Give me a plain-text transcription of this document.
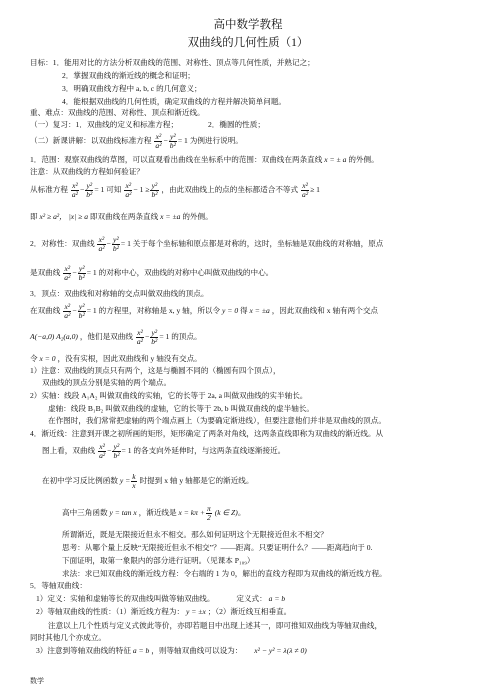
高中数学教程
双曲线的几何性质（1）
目标：1．能用对比的方法分析双曲线的范围、对称性、顶点等几何性质，并熟记之；
2．掌握双曲线的渐近线的概念和证明；
3．明确双曲线方程中 a, b, c 的几何意义；
4．能根据双曲线的几何性质，确定双曲线的方程并解决简单问题。
重、难点：双曲线的范围、对称性、顶点和渐近线。
（一）复习：1．双曲线的定义和标准方程；	2．椭圆的性质；
（二）新课讲解：以双曲线标准方程 $\frac{\text{x²}}{\text{a²}} - \frac{\text{y²}}{\text{b²}} = 1$ 为例进行说明。
1．范围：观察双曲线的草图，可以直观看出曲线在坐标系中的范围：双曲线在两条直线 x = ± a 的外侧。
注意：从双曲线的方程如何验证？
从标准方程 $\frac{\text{x²}}{\text{a²}} - \frac{\text{y²}}{\text{b²}} = 1$ 可知 $\frac{\text{x²}}{\text{a²}} - 1 \ge \frac{\text{y²}}{\text{b²}}$ ，由此双曲线上的点的坐标都适合不等式 $\frac{\text{x²}}{\text{a²}} \ge 1$
即 x² ≥ a²， |x| ≥ a 即双曲线在两条直线 x = ±a 的外侧。
2．对称性：双曲线 $\frac{\text{x²}}{\text{a²}} - \frac{\text{y²}}{\text{b²}} = 1$ 关于每个坐标轴和原点都是对称的，这时，坐标轴是双曲线的对称轴，原点
是双曲线 $\frac{\text{x²}}{\text{a²}} - \frac{\text{y²}}{\text{b²}} = 1$ 的对称中心，双曲线的对称中心叫做双曲线的中心。
3．顶点：双曲线和对称轴的交点叫做双曲线的顶点。
在双曲线 $\frac{\text{x²}}{\text{a²}} - \frac{\text{y²}}{\text{b²}} = 1$ 的方程里，对称轴是 x, y 轴，所以令 y = 0 得 x = ±a ，因此双曲线和 x 轴有两个交点
A(−a,0) A₂(a,0) ，他们是双曲线 $\frac{\text{x²}}{\text{a²}} - \frac{\text{y²}}{\text{b²}} = 1$ 的顶点。
令 x = 0 ，没有实根，因此双曲线和 y 轴没有交点。
1）注意：双曲线的顶点只有两个，这是与椭圆不同的（椭圆有四个顶点），
双曲线的顶点分别是实轴的两个端点。
2）实轴：线段 A₁A₂ 叫做双曲线的实轴，它的长等于 2a, a 叫做双曲线的实半轴长。
虚轴：线段 B₁B₂ 叫做双曲线的虚轴，它的长等于 2b, b 叫做双曲线的虚半轴长。
在作图时，我们常常把虚轴的两个端点画上（为要确定渐进线），但要注意他们并非是双曲线的顶点。
4．渐近线：注意到开课之初所画的矩形，矩形确定了两条对角线，这两条直线即称为双曲线的渐近线。从
图上看，双曲线 $\frac{\text{x²}}{\text{a²}} - \frac{\text{y²}}{\text{b²}} = 1$ 的各支向外延伸时，与这两条直线逐渐接近。
在初中学习反比例函数 $y = \frac{k}{x}$ 时提到 x 轴 y 轴都是它的渐近线。
高中三角函数 y = tan x ，渐近线是 $x = k\pi + \frac{\pi}{2} (k$ ∈ Z)。
所谓渐近，既是无限接近但永不相交。那么如何证明这个无限接近但永不相交？
思考：从哪个量上反映“无限接近但永不相交”？——距离。只要证明什么？——距离趋向于 0.
下面证明，取第一象限内的部分进行证明。（见课本 P₁₀₉）
求法：求已知双曲线的渐近线方程：令右端的 1 为 0，解出的直线方程即为双曲线的渐近线方程。
5．等轴双曲线：
1）定义：实轴和虚轴等长的双曲线叫做等轴双曲线。	定义式： a = b
2）等轴双曲线的性质：（1）渐近线方程为： y = ±x ；（2）渐近线互相垂直。
注意以上几个性质与定义式彼此等价，亦即若题目中出现上述其一，即可推知双曲线为等轴双曲线，
同时其他几个亦成立。
3）注意到等轴双曲线的特征 a = b ，则等轴双曲线可以设为： x² − y² = λ(λ ≠ 0)
数学
